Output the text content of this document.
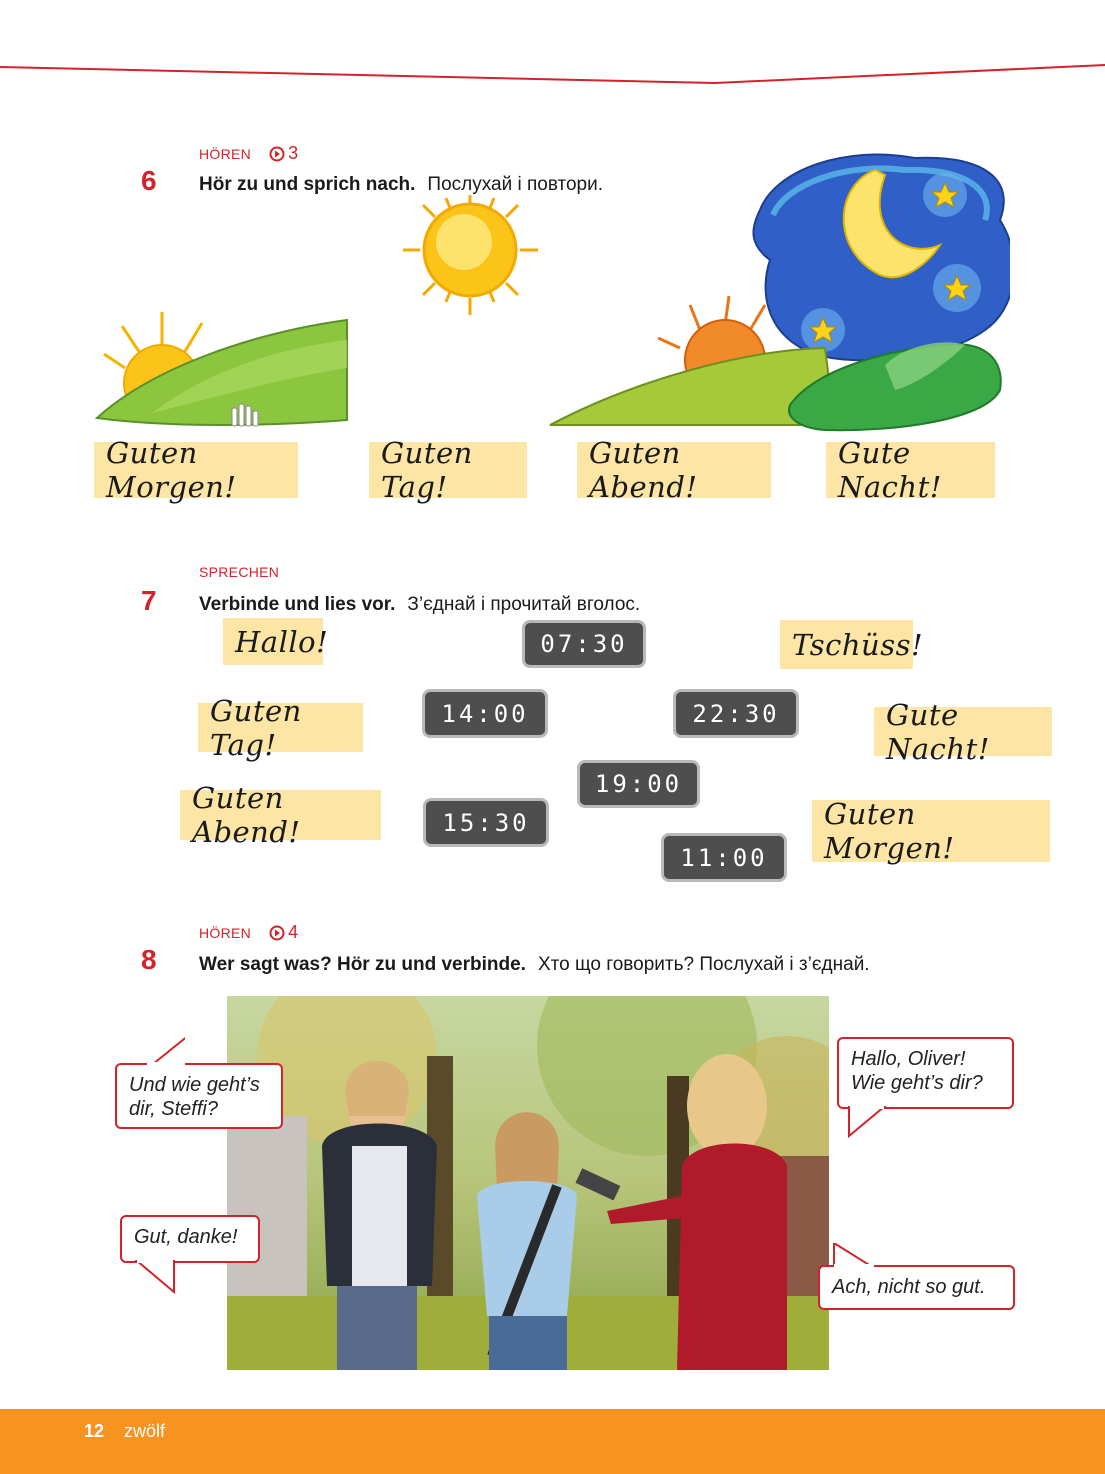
HÖREN 3
6 Hör zu und sprich nach. Послухай і повтори.
Guten Morgen!
Guten Tag!
Guten Abend!
Gute Nacht!
SPRECHEN
7 Verbinde und lies vor. З’єднай і прочитай вголос.
Hallo!	Tschüss!
Guten Tag!
Gute Nacht!
Guten Abend!
Guten Morgen!
07:30
14:00	22:30
19:00
15:30
11:00
HÖREN 4
8 Wer sagt was? Hör zu und verbinde. Хто що говорить? Послухай і з’єднай.
Und wie geht’s
dir, Steffi?
Hallo, Oliver!
Wie geht’s dir?
Gut, danke!
Ach, nicht so gut.
12 zwölf
